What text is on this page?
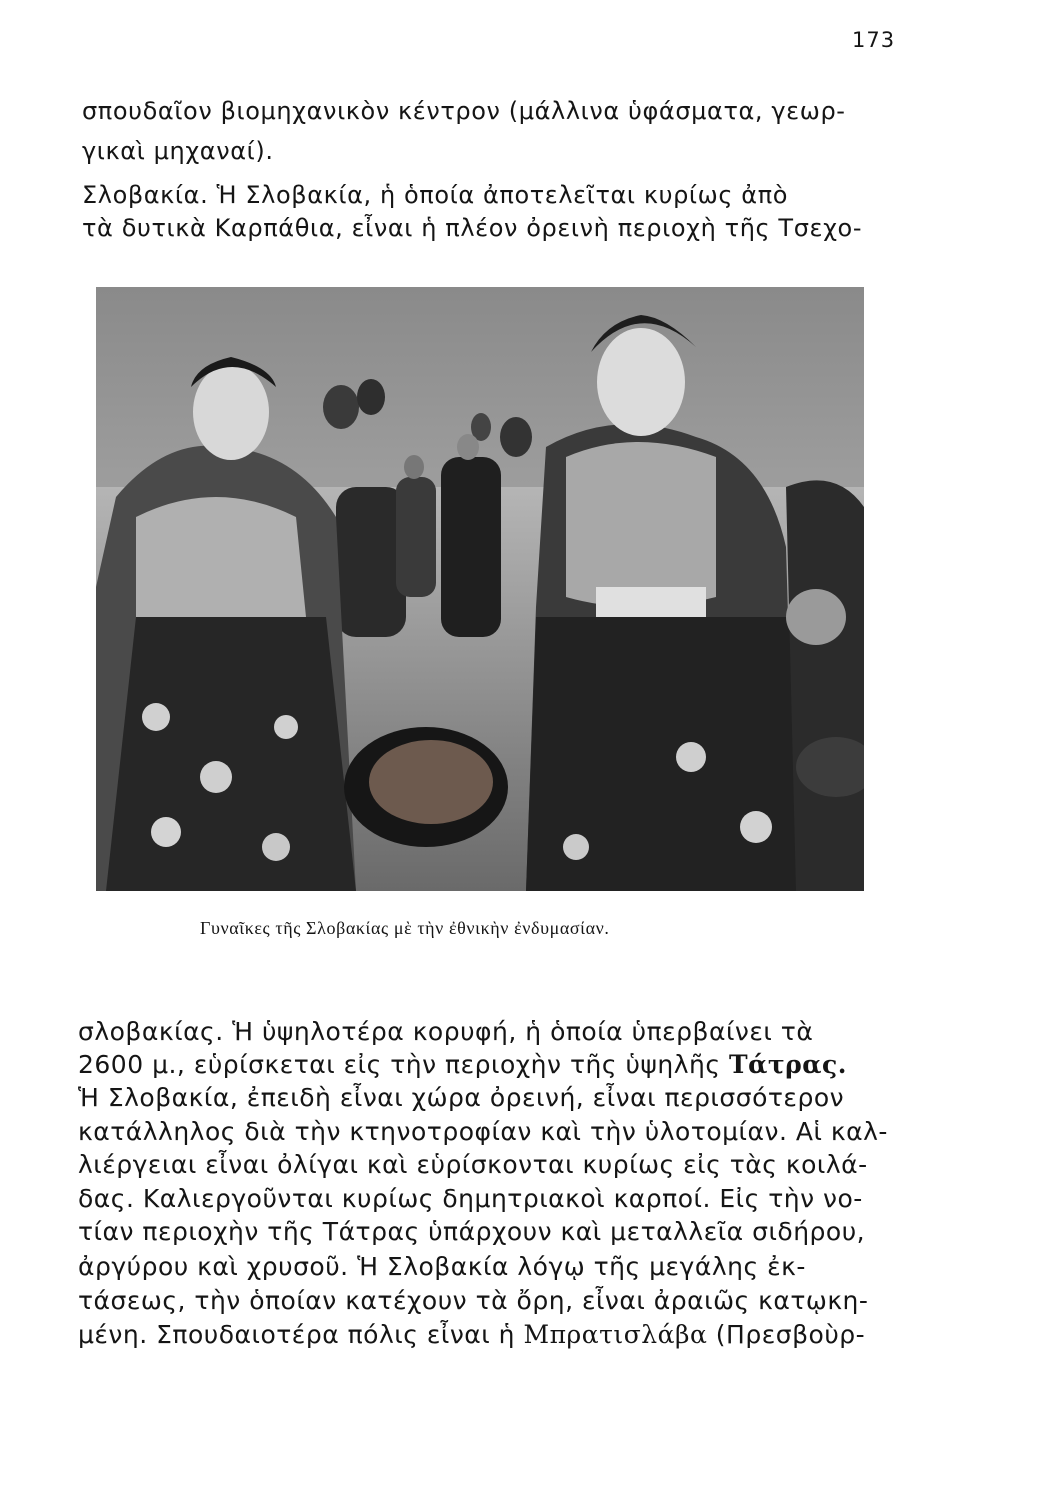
173
σπουδαῖον βιομηχανικὸν κέντρον (μάλλινα ὑφάσματα, γεωρ-
γικαὶ μηχαναί).
Σλοβακία. Ἡ Σλοβακία, ἡ ὁποία ἀποτελεῖται κυρίως ἀπὸ
τὰ δυτικὰ Καρπάθια, εἶναι ἡ πλέον ὀρεινὴ περιοχὴ τῆς Τσεχο-
Γυναῖκες τῆς Σλοβακίας μὲ τὴν ἐθνικὴν ἐνδυμασίαν.
σλοβακίας. Ἡ ὑψηλοτέρα κορυφή, ἡ ὁποία ὑπερβαίνει τὰ
2600 μ., εὑρίσκεται εἰς τὴν περιοχὴν τῆς ὑψηλῆς Τάτρας.
Ἡ Σλοβακία, ἐπειδὴ εἶναι χώρα ὀρεινή, εἶναι περισσότερον
κατάλληλος διὰ τὴν κτηνοτροφίαν καὶ τὴν ὑλοτομίαν. Αἱ καλ-
λιέργειαι εἶναι ὀλίγαι καὶ εὑρίσκονται κυρίως εἰς τὰς κοιλά-
δας. Καλιεργοῦνται κυρίως δημητριακοὶ καρποί. Εἰς τὴν νο-
τίαν περιοχὴν τῆς Τάτρας ὑπάρχουν καὶ μεταλλεῖα σιδήρου,
ἀργύρου καὶ χρυσοῦ. Ἡ Σλοβακία λόγῳ τῆς μεγάλης ἐκ-
τάσεως, τὴν ὁποίαν κατέχουν τὰ ὄρη, εἶναι ἀραιῶς κατῳκη-
μένη. Σπουδαιοτέρα πόλις εἶναι ἡ Μπρατισλάβα (Πρεσβοὺρ-
